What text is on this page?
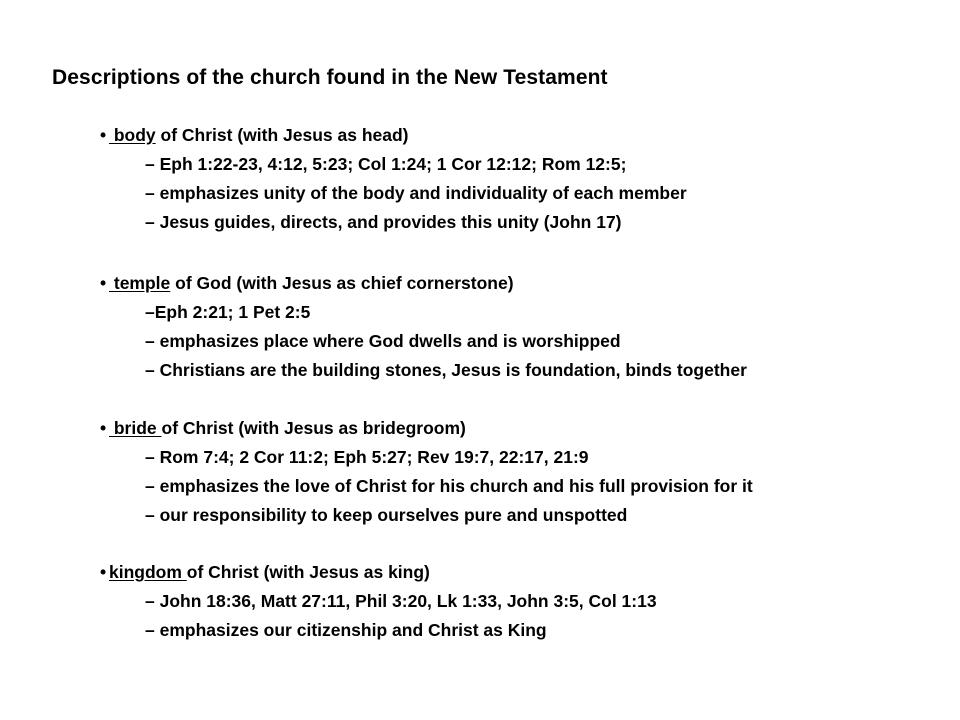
Descriptions of the church found in the New Testament
• body of Christ (with Jesus as head)
– Eph 1:22-23, 4:12, 5:23; Col 1:24; 1 Cor 12:12; Rom 12:5;
– emphasizes unity of the body and individuality of each member
– Jesus guides, directs, and provides this unity (John 17)
• temple of God (with Jesus as chief cornerstone)
–Eph 2:21; 1 Pet 2:5
– emphasizes place where God dwells and is worshipped
– Christians are the building stones, Jesus is foundation, binds together
• bride of Christ (with Jesus as bridegroom)
– Rom 7:4; 2 Cor 11:2; Eph 5:27; Rev 19:7, 22:17, 21:9
– emphasizes the love of Christ for his church and his full provision for it
– our responsibility to keep ourselves pure and unspotted
• kingdom of Christ (with Jesus as king)
– John 18:36, Matt 27:11, Phil 3:20, Lk 1:33, John 3:5, Col 1:13
– emphasizes our citizenship and Christ as King
